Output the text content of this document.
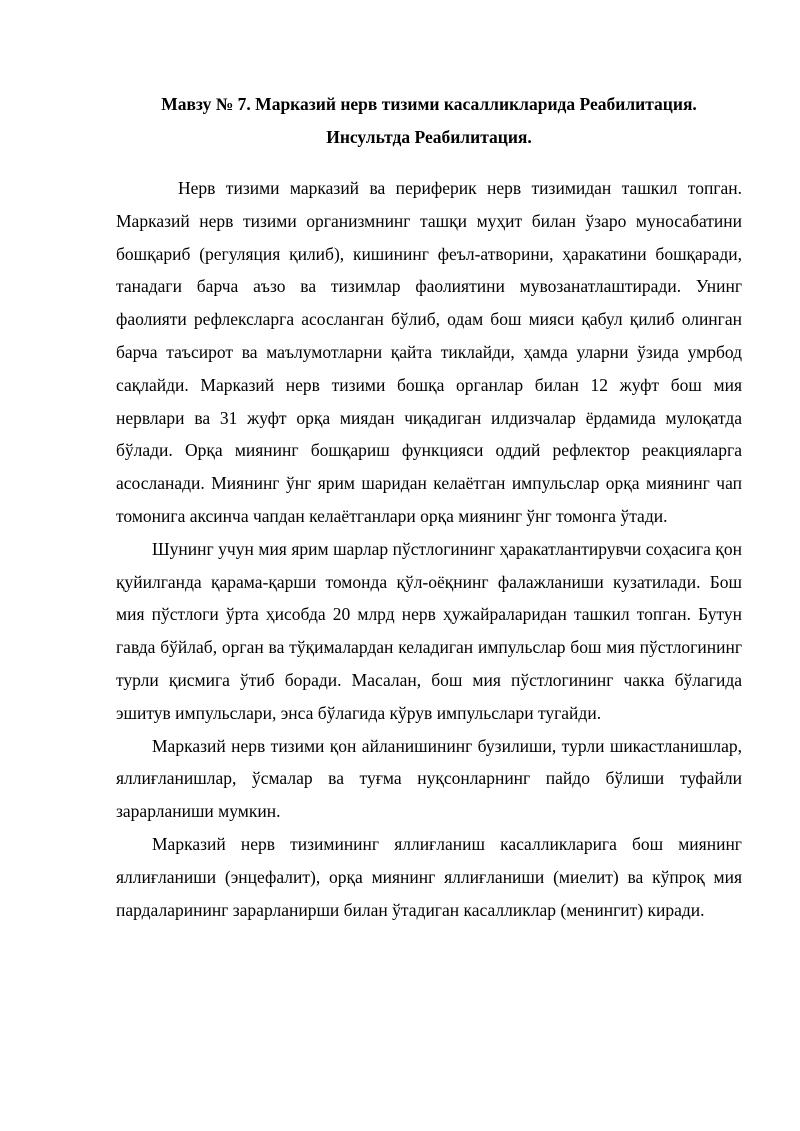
Мавзу № 7. Марказий нерв тизими касалликларида Реабилитация.
Инсультда Реабилитация.

Нерв тизими марказий ва периферик нерв тизимидан ташкил топган. Марказий нерв тизими организмнинг ташқи муҳит билан ўзаро муносабатини бошқариб (регуляция қилиб), кишининг феъл-атворини, ҳаракатини бошқаради, танадаги барча аъзо ва тизимлар фаолиятини мувозанатлаштиради. Унинг фаолияти рефлексларга асосланган бўлиб, одам бош мияси қабул қилиб олинган барча таъсирот ва маълумотларни қайта тиклайди, ҳамда уларни ўзида умрбод сақлайди. Марказий нерв тизими бошқа органлар билан 12 жуфт бош мия нервлари ва 31 жуфт орқа миядан чиқадиган илдизчалар ёрдамида мулоқатда бўлади. Орқа миянинг бошқариш функцияси оддий рефлектор реакцияларга асосланади. Миянинг ўнг ярим шаридан келаётган импульслар орқа миянинг чап томонига аксинча чапдан келаётганлари орқа миянинг ўнг томонга ўтади.

Шунинг учун мия ярим шарлар пўстлогининг ҳаракатлантирувчи соҳасига қон қуйилганда қарама-қарши томонда қўл-оёқнинг фалажланиши кузатилади. Бош мия пўстлоги ўрта ҳисобда 20 млрд нерв ҳужайраларидан ташкил топган. Бутун гавда бўйлаб, орган ва тўқималардан келадиган импульслар бош мия пўстлогининг турли қисмига ўтиб боради. Масалан, бош мия пўстлогининг чакка бўлагида эшитув импульслари, энса бўлагида кўрув импульслари тугайди.

Марказий нерв тизими қон айланишининг бузилиши, турли шикастланишлар, яллиғланишлар, ўсмалар ва туғма нуқсонларнинг пайдо бўлиши туфайли зарарланиши мумкин.

Марказий нерв тизимининг яллиғланиш касалликларига бош миянинг яллиғланиши (энцефалит), орқа миянинг яллиғланиши (миелит) ва кўпроқ мия пардаларининг зарарланирши билан ўтадиган касалликлар (менингит) киради.
